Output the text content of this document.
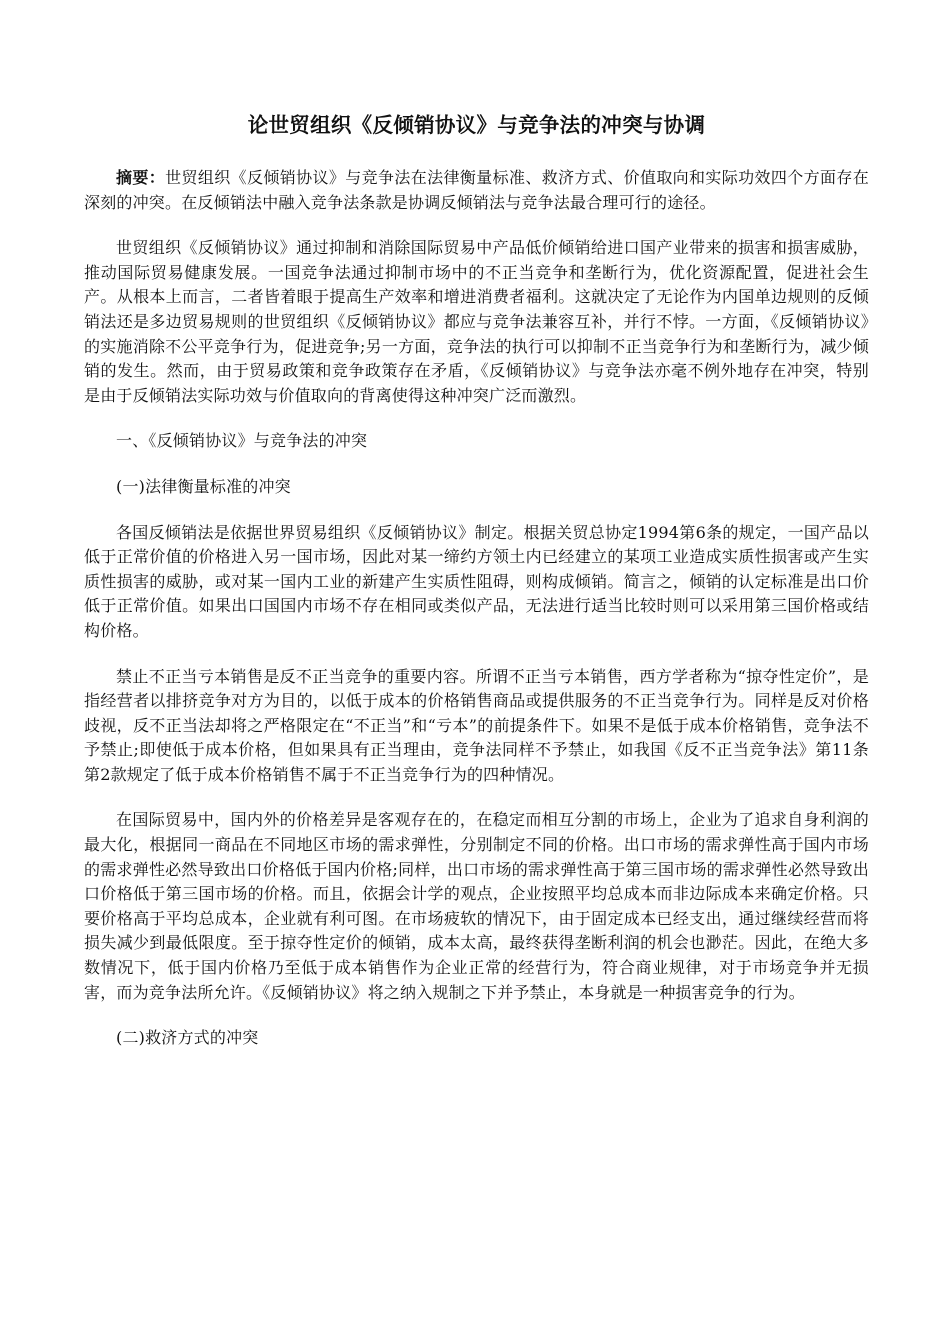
论世贸组织《反倾销协议》与竞争法的冲突与协调

摘要：世贸组织《反倾销协议》与竞争法在法律衡量标准、救济方式、价值取向和实际功效四个方面存在深刻的冲突。在反倾销法中融入竞争法条款是协调反倾销法与竞争法最合理可行的途径。

世贸组织《反倾销协议》通过抑制和消除国际贸易中产品低价倾销给进口国产业带来的损害和损害威胁，推动国际贸易健康发展。一国竞争法通过抑制市场中的不正当竞争和垄断行为，优化资源配置，促进社会生产。从根本上而言，二者皆着眼于提高生产效率和增进消费者福利。这就决定了无论作为内国单边规则的反倾销法还是多边贸易规则的世贸组织《反倾销协议》都应与竞争法兼容互补，并行不悖。一方面，《反倾销协议》的实施消除不公平竞争行为，促进竞争;另一方面，竞争法的执行可以抑制不正当竞争行为和垄断行为，减少倾销的发生。然而，由于贸易政策和竞争政策存在矛盾，《反倾销协议》与竞争法亦毫不例外地存在冲突，特别是由于反倾销法实际功效与价值取向的背离使得这种冲突广泛而激烈。

一、《反倾销协议》与竞争法的冲突

(一)法律衡量标准的冲突

各国反倾销法是依据世界贸易组织《反倾销协议》制定。根据关贸总协定1994第6条的规定，一国产品以低于正常价值的价格进入另一国市场，因此对某一缔约方领土内已经建立的某项工业造成实质性损害或产生实质性损害的威胁，或对某一国内工业的新建产生实质性阻碍，则构成倾销。简言之，倾销的认定标准是出口价低于正常价值。如果出口国国内市场不存在相同或类似产品，无法进行适当比较时则可以采用第三国价格或结构价格。

禁止不正当亏本销售是反不正当竞争的重要内容。所谓不正当亏本销售，西方学者称为“掠夺性定价”，是指经营者以排挤竞争对方为目的，以低于成本的价格销售商品或提供服务的不正当竞争行为。同样是反对价格歧视，反不正当法却将之严格限定在“不正当”和“亏本”的前提条件下。如果不是低于成本价格销售，竞争法不予禁止;即使低于成本价格，但如果具有正当理由，竞争法同样不予禁止，如我国《反不正当竞争法》第11条第2款规定了低于成本价格销售不属于不正当竞争行为的四种情况。

在国际贸易中，国内外的价格差异是客观存在的，在稳定而相互分割的市场上，企业为了追求自身利润的最大化，根据同一商品在不同地区市场的需求弹性，分别制定不同的价格。出口市场的需求弹性高于国内市场的需求弹性必然导致出口价格低于国内价格;同样，出口市场的需求弹性高于第三国市场的需求弹性必然导致出口价格低于第三国市场的价格。而且，依据会计学的观点，企业按照平均总成本而非边际成本来确定价格。只要价格高于平均总成本，企业就有利可图。在市场疲软的情况下，由于固定成本已经支出，通过继续经营而将损失减少到最低限度。至于掠夺性定价的倾销，成本太高，最终获得垄断利润的机会也渺茫。因此，在绝大多数情况下，低于国内价格乃至低于成本销售作为企业正常的经营行为，符合商业规律，对于市场竞争并无损害，而为竞争法所允许。《反倾销协议》将之纳入规制之下并予禁止，本身就是一种损害竞争的行为。

(二)救济方式的冲突
